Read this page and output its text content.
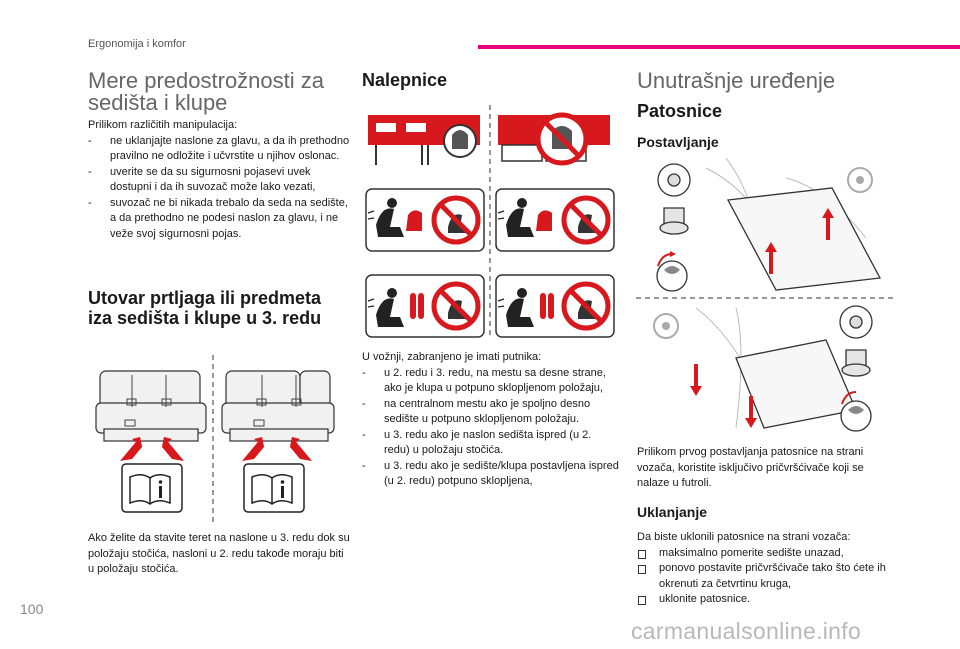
Ergonomija i komfor
Mere predostrožnosti za
sedišta i klupe
Prilikom različitih manipulacija:
- ne uklanjajte naslone za glavu, a da ih prethodno pravilno ne odložite i učvrstite u njihov oslonac.
- uverite se da su sigurnosni pojasevi uvek dostupni i da ih suvozač može lako vezati,
- suvozač ne bi nikada trebalo da seda na sedište, a da prethodno ne podesi naslon za glavu, i ne veže svoj sigurnosni pojas.
Utovar prtljaga ili predmeta
iza sedišta i klupe u 3. redu
Ako želite da stavite teret na naslone u 3. redu dok su položaju stočića, nasloni u 2. redu takođe moraju biti u položaju stočića.
Nalepnice
U vožnji, zabranjeno je imati putnika:
- u 2. redu i 3. redu, na mestu sa desne strane, ako je klupa u potpuno sklopljenom položaju,
- na centralnom mestu ako je spoljno desno sedište u potpuno sklopljenom položaju.
- u 3. redu ako je naslon sedišta ispred (u 2. redu) u položaju stočića.
- u 3. redu ako je sedište/klupa postavljena ispred (u 2. redu) potpuno sklopljena,
Unutrašnje uređenje
Patosnice
Postavljanje
Prilikom prvog postavljanja patosnice na strani vozača, koristite isključivo pričvršćivače koji se nalaze u futroli.
Uklanjanje
Da biste uklonili patosnice na strani vozača:
maksimalno pomerite sedište unazad,
ponovo postavite pričvršćivače tako što ćete ih okrenuti za četvrtinu kruga,
uklonite patosnice.
100
carmanualsonline.info
